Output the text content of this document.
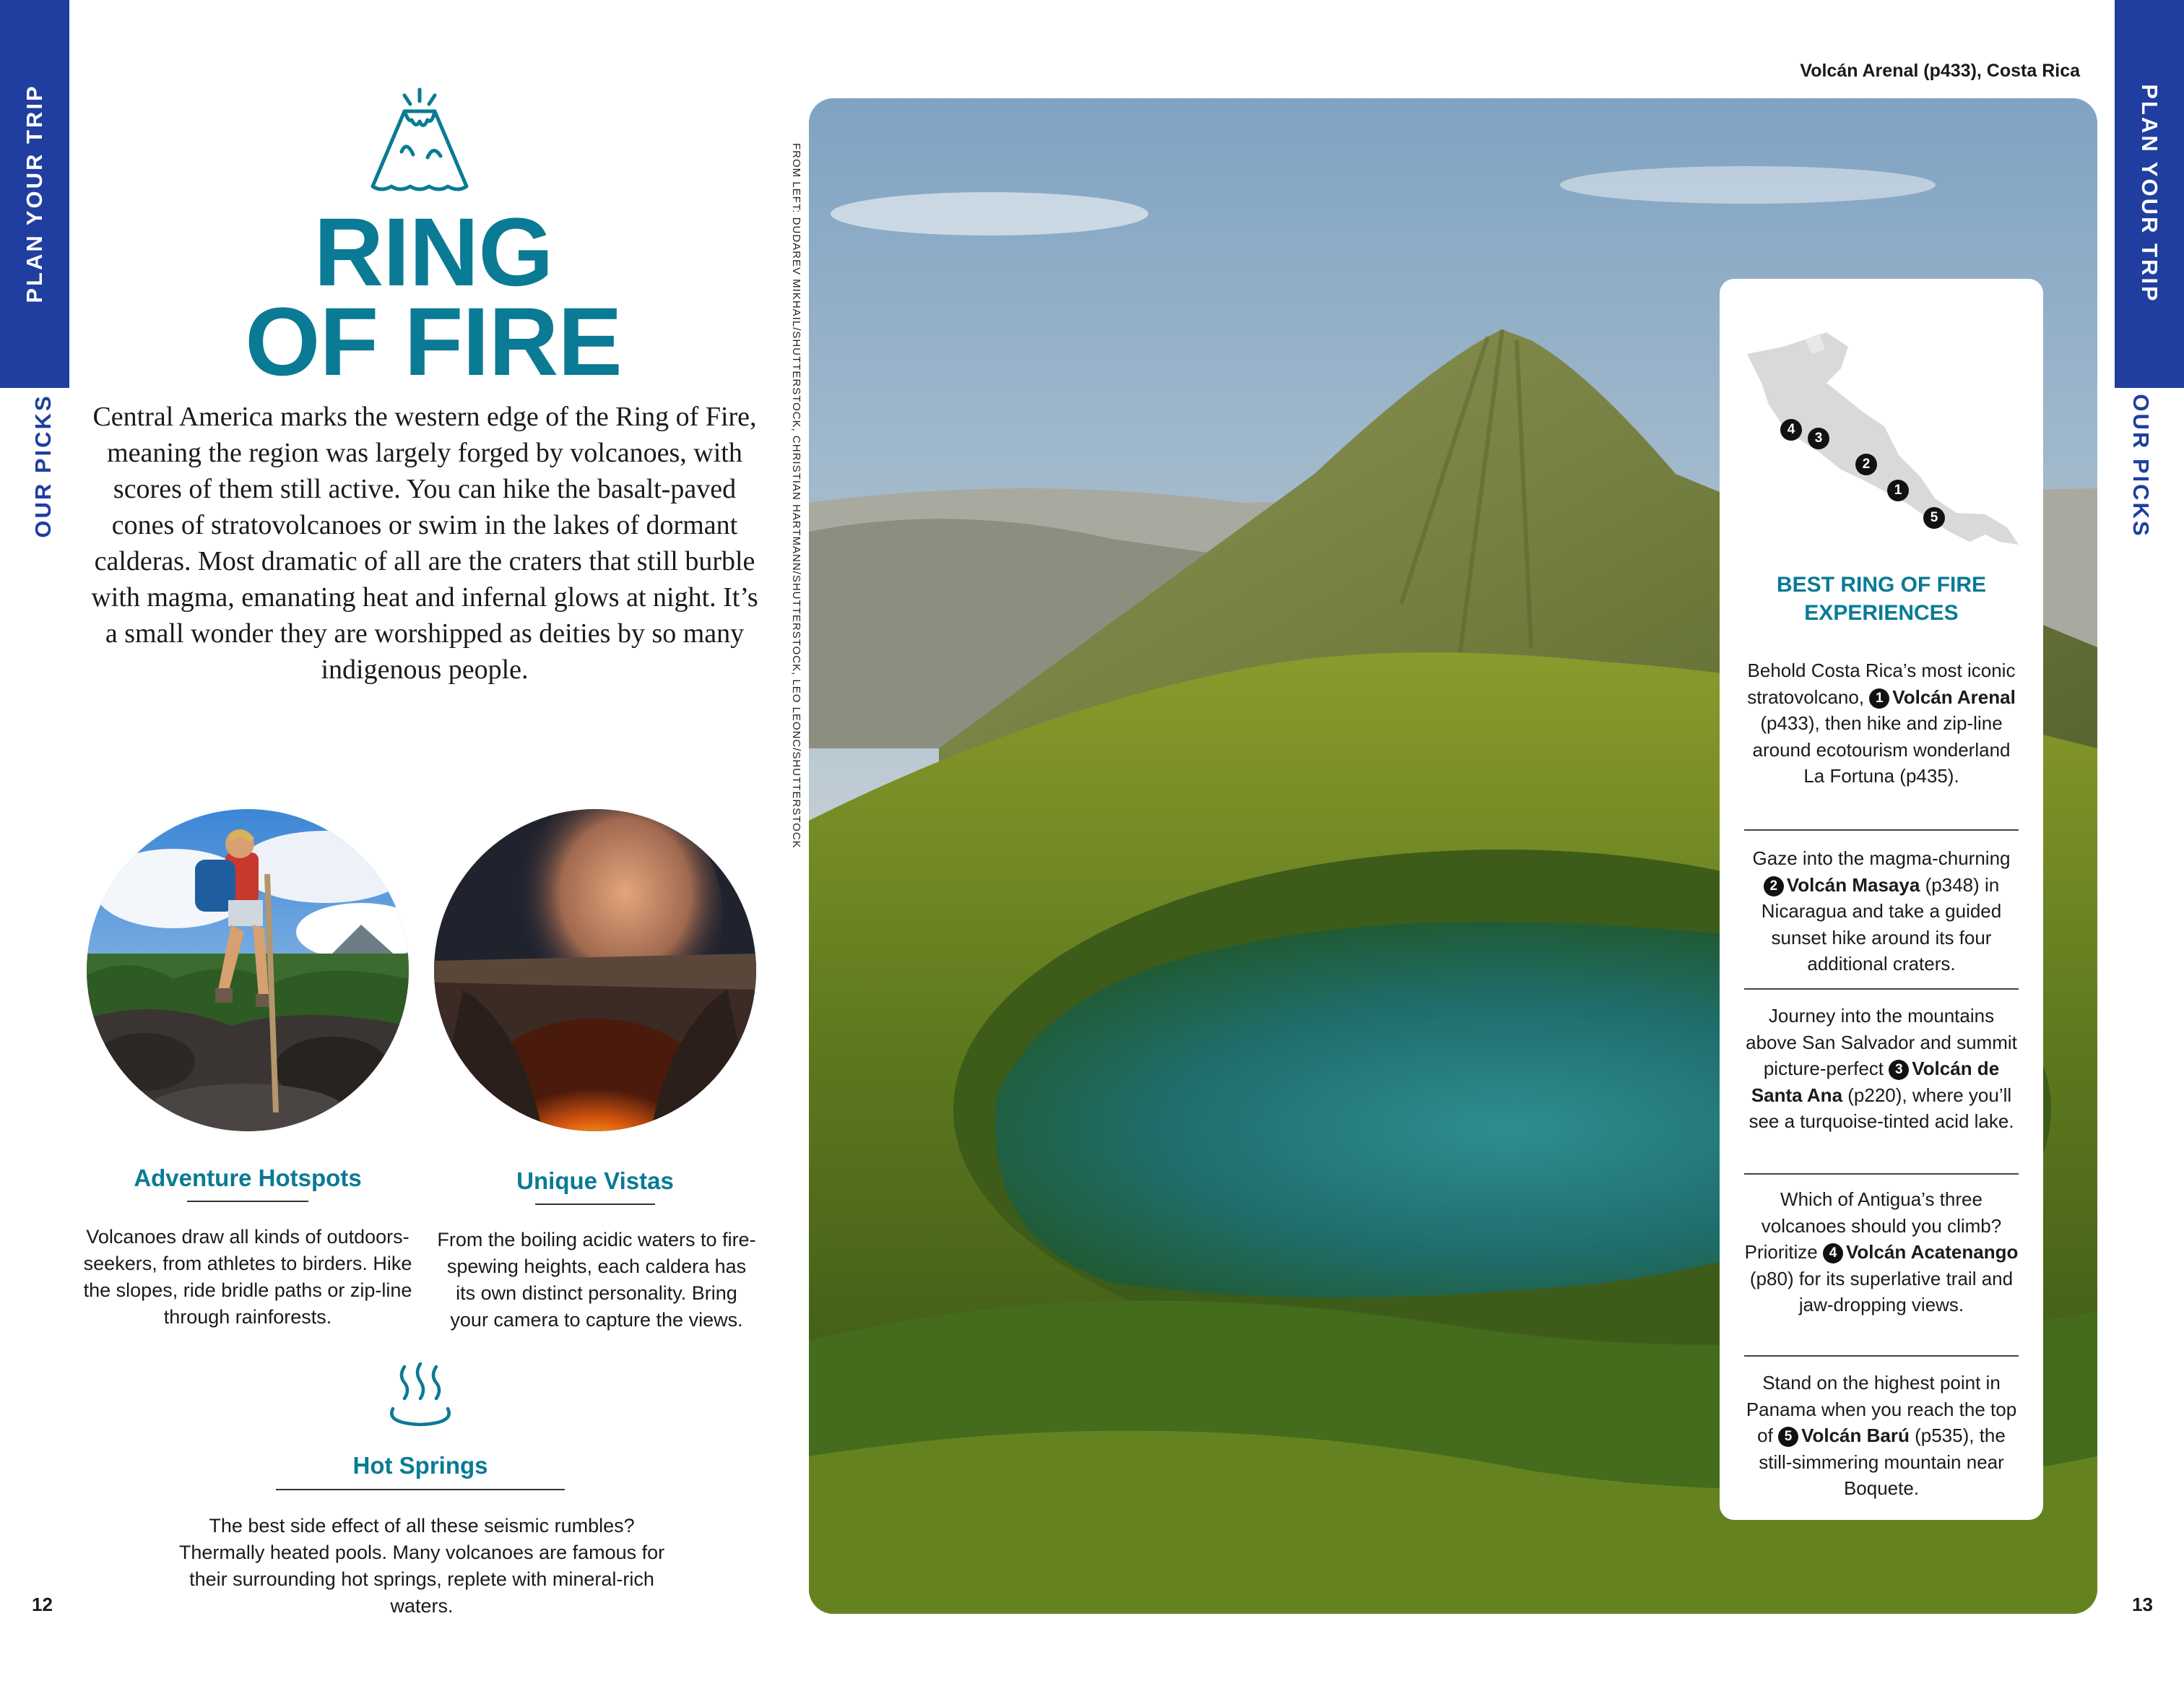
PLAN YOUR TRIP
OUR PICKS
RING
OF FIRE

Central America marks the western edge of the Ring of Fire, meaning the region was largely forged by volcanoes, with scores of them still active. You can hike the basalt-paved cones of stratovolcanoes or swim in the lakes of dormant calderas. Most dramatic of all are the craters that still burble with magma, emanating heat and infernal glows at night. It’s a small wonder they are worshipped as deities by so many indigenous people.

Adventure Hotspots

Volcanoes draw all kinds of outdoors-seekers, from athletes to birders. Hike the slopes, ride bridle paths or zip-line through rainforests.

Unique Vistas

From the boiling acidic waters to fire-spewing heights, each caldera has its own distinct personality. Bring your camera to capture the views.

Hot Springs

The best side effect of all these seismic rumbles? Thermally heated pools. Many volcanoes are famous for their surrounding hot springs, replete with mineral-rich waters.

12
FROM LEFT: DUDAREV MIKHAIL/SHUTTERSTOCK, CHRISTIAN HARTMANN/SHUTTERSTOCK, LEO LEONC/SHUTTERSTOCK
Volcán Arenal (p433), Costa Rica
PLAN YOUR TRIP
OUR PICKS
13
4
3
2
1
5
BEST RING OF FIRE
EXPERIENCES

Behold Costa Rica’s most iconic stratovolcano, 1 Volcán Arenal (p433), then hike and zip-line around ecotourism wonderland La Fortuna (p435).

Gaze into the magma-churning 2 Volcán Masaya (p348) in Nicaragua and take a guided sunset hike around its four additional craters.

Journey into the mountains above San Salvador and summit picture-perfect 3 Volcán de Santa Ana (p220), where you’ll see a turquoise-tinted acid lake.

Which of Antigua’s three volcanoes should you climb? Prioritize 4 Volcán Acatenango (p80) for its superlative trail and jaw-dropping views.

Stand on the highest point in Panama when you reach the top of 5 Volcán Barú (p535), the still-simmering mountain near Boquete.
